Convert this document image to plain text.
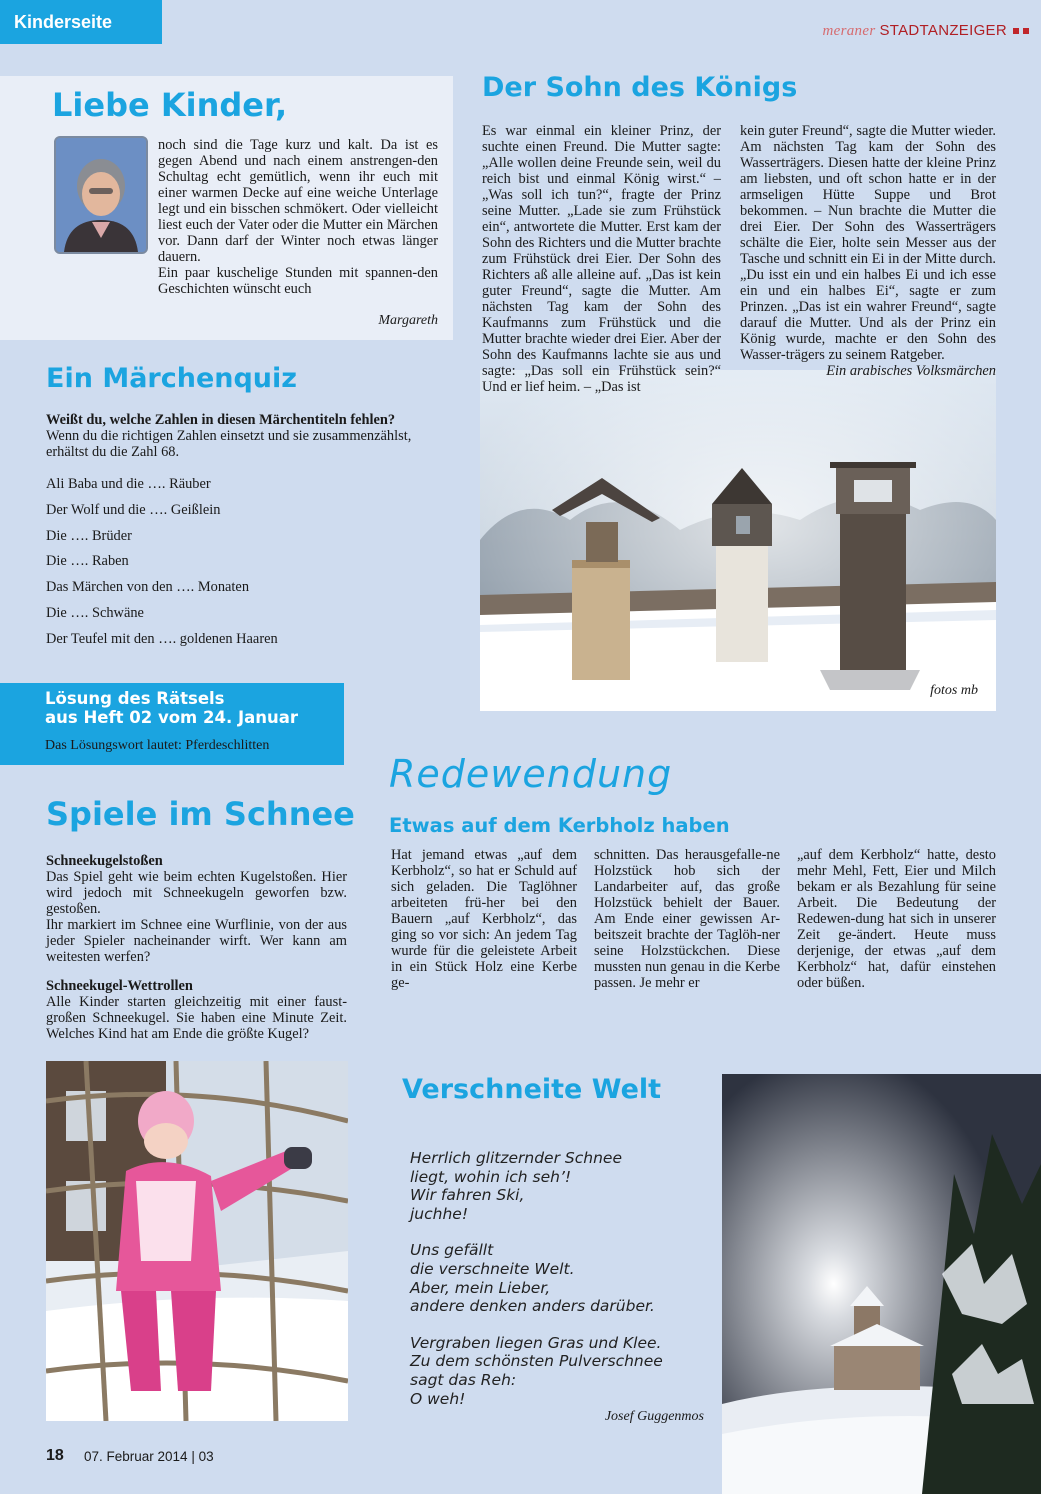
Kinderseite	meraner STADTANZEIGER
Liebe Kinder,

noch sind die Tage kurz und kalt. Da ist es gegen Abend und nach einem anstrengen-den Schultag echt gemütlich, wenn ihr euch mit einer warmen Decke auf eine weiche Unterlage legt und ein bisschen schmökert. Oder vielleicht liest euch der Vater oder die Mutter ein Märchen vor. Dann darf der Winter noch etwas länger dauern.

Ein paar kuschelige Stunden mit spannen-den Geschichten wünscht euch

Margareth
Der Sohn des Königs

Es war einmal ein kleiner Prinz, der suchte einen Freund. Die Mutter sagte: „Alle wollen deine Freunde sein, weil du reich bist und einmal König wirst.“ – „Was soll ich tun?“, fragte der Prinz seine Mutter. „Lade sie zum Frühstück ein“, antwortete die Mutter. Erst kam der Sohn des Richters und die Mutter brachte zum Frühstück drei Eier. Der Sohn des Richters aß alle alleine auf. „Das ist kein guter Freund“, sagte die Mutter. Am nächsten Tag kam der Sohn des Kaufmanns zum Frühstück und die Mutter brachte wieder drei Eier. Aber der Sohn des Kaufmanns lachte sie aus und sagte: „Das soll ein Frühstück sein?“ Und er lief heim. – „Das ist

kein guter Freund“, sagte die Mutter wieder. Am nächsten Tag kam der Sohn des Wasserträgers. Diesen hatte der kleine Prinz am liebsten, und oft schon hatte er in der armseligen Hütte Suppe und Brot bekommen. – Nun brachte die Mutter die drei Eier. Der Sohn des Wasserträgers schälte die Eier, holte sein Messer aus der Tasche und schnitt ein Ei in der Mitte durch. „Du isst ein und ein halbes Ei und ich esse ein und ein halbes Ei“, sagte er zum Prinzen. „Das ist ein wahrer Freund“, sagte darauf die Mutter. Und als der Prinz ein König wurde, machte er den Sohn des Wasser-trägers zu seinem Ratgeber.

Ein arabisches Volksmärchen

fotos mb
Ein Märchenquiz

Weißt du, welche Zahlen in diesen Märchentiteln fehlen?

Wenn du die richtigen Zahlen einsetzt und sie zusammenzählst, erhältst du die Zahl 68.

Ali Baba und die …. Räuber
Der Wolf und die …. Geißlein
Die …. Brüder
Die …. Raben
Das Märchen von den …. Monaten
Die …. Schwäne
Der Teufel mit den …. goldenen Haaren
Lösung des Rätsels
aus Heft 02 vom 24. Januar
Das Lösungswort lautet: Pferdeschlitten
Spiele im Schnee

Schneekugelstoßen

Das Spiel geht wie beim echten Kugelstoßen. Hier wird jedoch mit Schneekugeln geworfen bzw. gestoßen.

Ihr markiert im Schnee eine Wurflinie, von der aus jeder Spieler nacheinander wirft. Wer kann am weitesten werfen?

Schneekugel-Wettrollen

Alle Kinder starten gleichzeitig mit einer faust-großen Schneekugel. Sie haben eine Minute Zeit. Welches Kind hat am Ende die größte Kugel?

Redewendung
Etwas auf dem Kerbholz haben

Hat jemand etwas „auf dem Kerbholz“, so hat er Schuld auf sich geladen. Die Taglöhner arbeiteten frü-her bei den Bauern „auf Kerbholz“, das ging so vor sich: An jedem Tag wurde für die geleistete Arbeit in ein Stück Holz eine Kerbe ge-

schnitten. Das herausgefalle-ne Holzstück hob sich der Landarbeiter auf, das große Holzstück behielt der Bauer. Am Ende einer gewissen Ar-beitszeit brachte der Taglöh-ner seine Holzstückchen. Diese mussten nun genau in die Kerbe passen. Je mehr er

„auf dem Kerbholz“ hatte, desto mehr Mehl, Fett, Eier und Milch bekam er als Bezahlung für seine Arbeit. Die Bedeutung der Redewen-dung hat sich in unserer Zeit ge-ändert. Heute muss derjenige, der etwas „auf dem Kerbholz“ hat, dafür einstehen oder büßen.

Verschneite Welt
Herrlich glitzernder Schnee
liegt, wohin ich seh’!
Wir fahren Ski,
juchhe!
Uns gefällt
die verschneite Welt.
Aber, mein Lieber,
andere denken anders darüber.
Vergraben liegen Gras und Klee.
Zu dem schönsten Pulverschnee
sagt das Reh:
O weh!
Josef Guggenmos
18 07. Februar 2014 | 03
